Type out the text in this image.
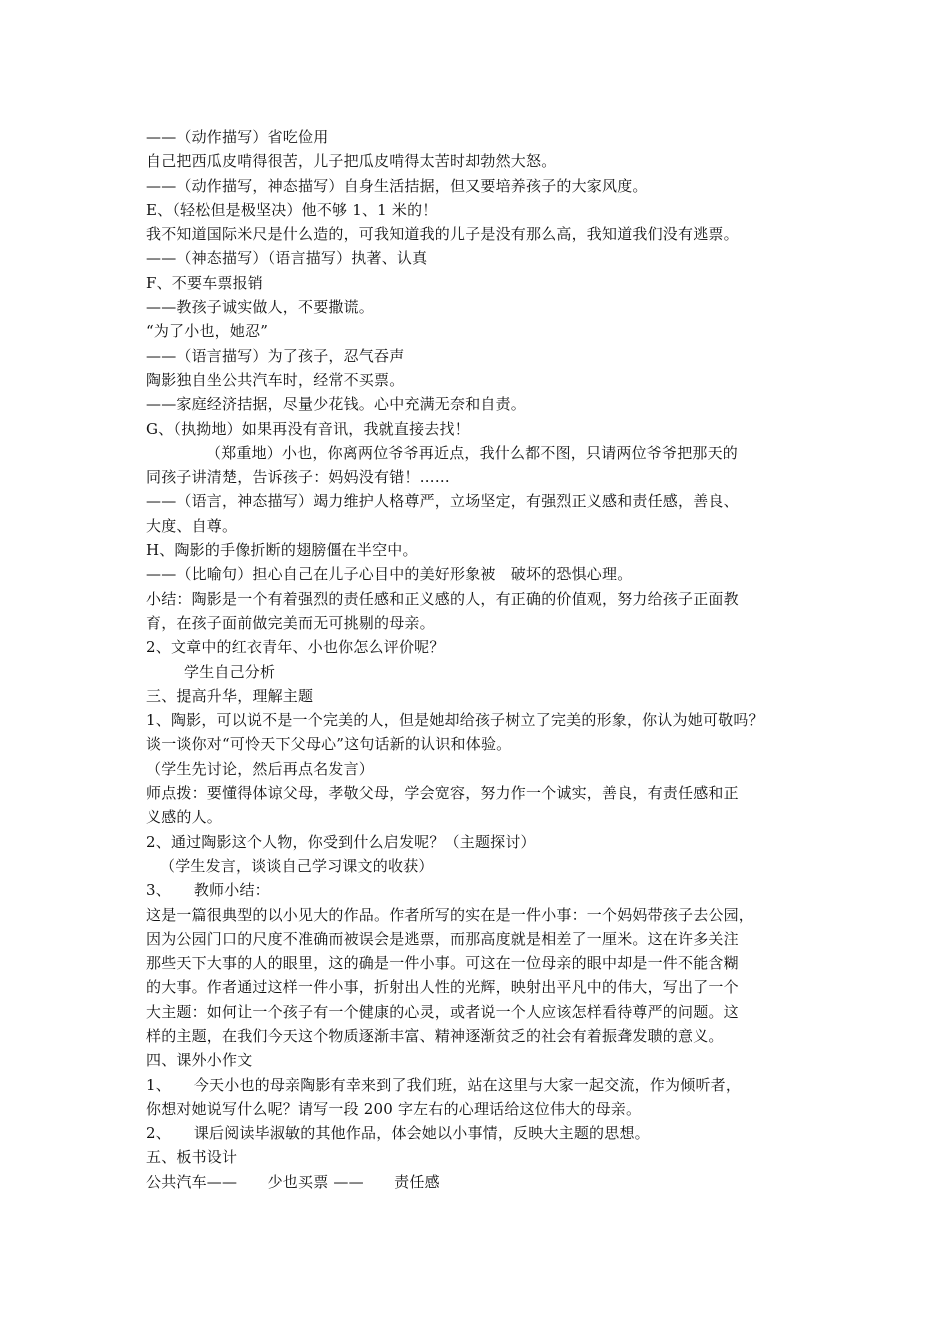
——（动作描写）省吃俭用
自己把西瓜皮啃得很苦，儿子把瓜皮啃得太苦时却勃然大怒。
——（动作描写，神态描写）自身生活拮据，但又要培养孩子的大家风度。
E、（轻松但是极坚决）他不够 1、1 米的！
我不知道国际米尺是什么造的，可我知道我的儿子是没有那么高，我知道我们没有逃票。
——（神态描写）（语言描写）执著、认真
F、不要车票报销
——教孩子诚实做人，不要撒谎。
“为了小也，她忍”
——（语言描写）为了孩子，忍气吞声
陶影独自坐公共汽车时，经常不买票。
——家庭经济拮据，尽量少花钱。心中充满无奈和自责。
G、（执拗地）如果再没有音讯，我就直接去找！
（郑重地）小也，你离两位爷爷再近点，我什么都不图，只请两位爷爷把那天的
同孩子讲清楚，告诉孩子：妈妈没有错！……
——（语言，神态描写）竭力维护人格尊严，立场坚定，有强烈正义感和责任感，善良、
大度、自尊。
H、陶影的手像折断的翅膀僵在半空中。
——（比喻句）担心自己在儿子心目中的美好形象被　破坏的恐惧心理。
小结：陶影是一个有着强烈的责任感和正义感的人，有正确的价值观，努力给孩子正面教
育，在孩子面前做完美而无可挑剔的母亲。
2、文章中的红衣青年、小也你怎么评价呢？
学生自己分析
三、提高升华，理解主题
1、陶影，可以说不是一个完美的人，但是她却给孩子树立了完美的形象，你认为她可敬吗？
谈一谈你对“可怜天下父母心”这句话新的认识和体验。
（学生先讨论，然后再点名发言）
师点拨：要懂得体谅父母，孝敬父母，学会宽容，努力作一个诚实，善良，有责任感和正
义感的人。
2、通过陶影这个人物，你受到什么启发呢？（主题探讨）
（学生发言，谈谈自己学习课文的收获）
3、　　教师小结：
这是一篇很典型的以小见大的作品。作者所写的实在是一件小事：一个妈妈带孩子去公园，
因为公园门口的尺度不准确而被误会是逃票，而那高度就是相差了一厘米。这在许多关注
那些天下大事的人的眼里，这的确是一件小事。可这在一位母亲的眼中却是一件不能含糊
的大事。作者通过这样一件小事，折射出人性的光辉，映射出平凡中的伟大，写出了一个
大主题：如何让一个孩子有一个健康的心灵，或者说一个人应该怎样看待尊严的问题。这
样的主题，在我们今天这个物质逐渐丰富、精神逐渐贫乏的社会有着振聋发聩的意义。
四、课外小作文
1、　　今天小也的母亲陶影有幸来到了我们班，站在这里与大家一起交流，作为倾听者，
你想对她说写什么呢？请写一段 200 字左右的心理话给这位伟大的母亲。
2、　　课后阅读毕淑敏的其他作品，体会她以小事情，反映大主题的思想。
五、板书设计
公共汽车——　　少也买票 ——　　责任感
